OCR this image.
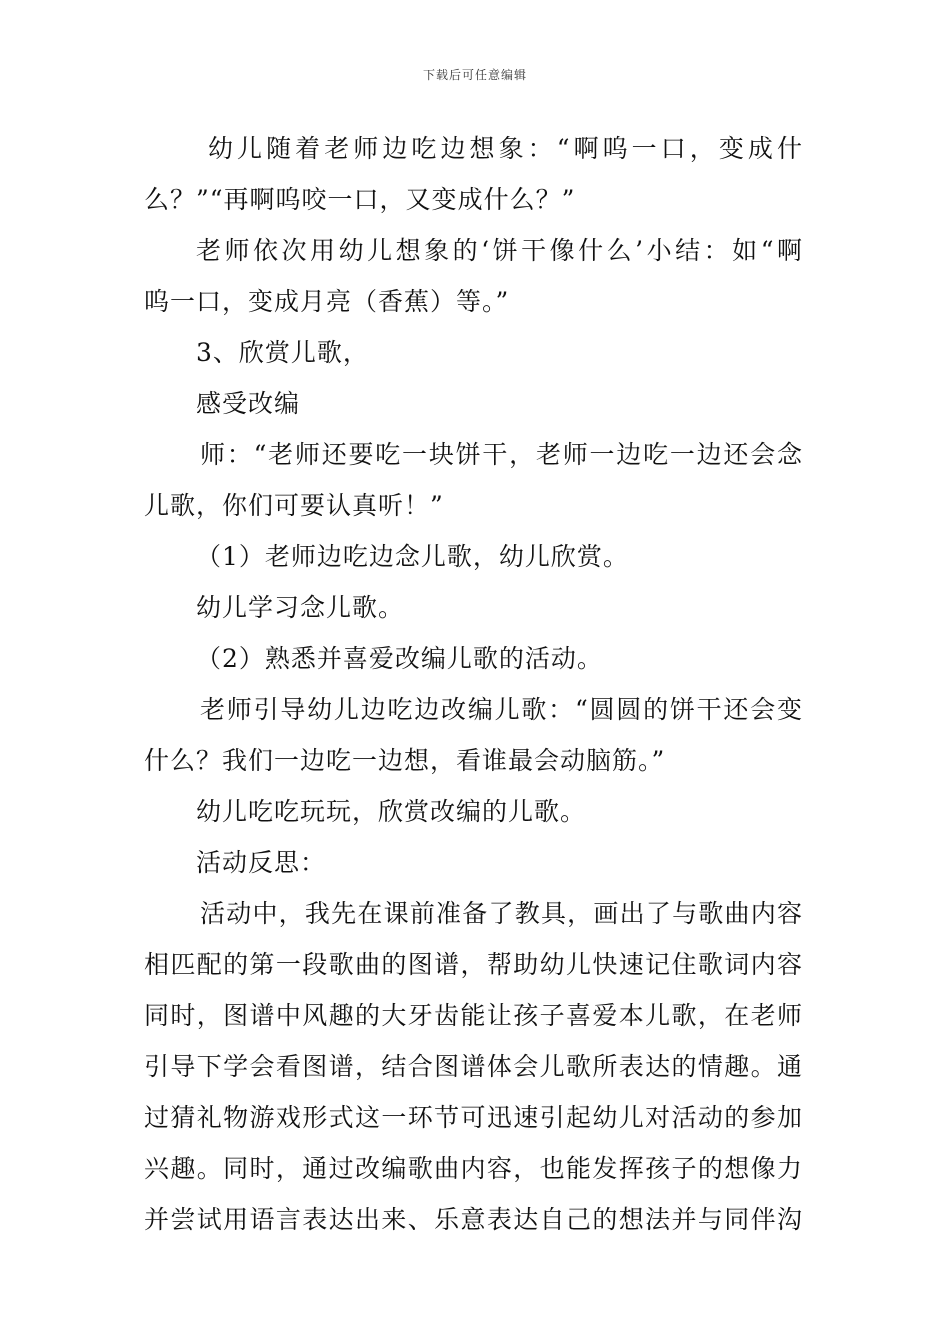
下载后可任意编辑
幼儿随着老师边吃边想象：“啊呜一口，变成什
么？”“再啊呜咬一口，又变成什么？”
老师依次用幼儿想象的‘饼干像什么’小结：如“啊
呜一口，变成月亮（香蕉）等。”
3、欣赏儿歌，
感受改编
师：“老师还要吃一块饼干，老师一边吃一边还会念
儿歌，你们可要认真听！”
（1）老师边吃边念儿歌，幼儿欣赏。
幼儿学习念儿歌。
（2）熟悉并喜爱改编儿歌的活动。
老师引导幼儿边吃边改编儿歌：“圆圆的饼干还会变
什么？我们一边吃一边想，看谁最会动脑筋。”
幼儿吃吃玩玩，欣赏改编的儿歌。
活动反思：
活动中，我先在课前准备了教具，画出了与歌曲内容
相匹配的第一段歌曲的图谱，帮助幼儿快速记住歌词内容
同时，图谱中风趣的大牙齿能让孩子喜爱本儿歌，在老师
引导下学会看图谱，结合图谱体会儿歌所表达的情趣。通
过猜礼物游戏形式这一环节可迅速引起幼儿对活动的参加
兴趣。同时，通过改编歌曲内容，也能发挥孩子的想像力
并尝试用语言表达出来、乐意表达自己的想法并与同伴沟
